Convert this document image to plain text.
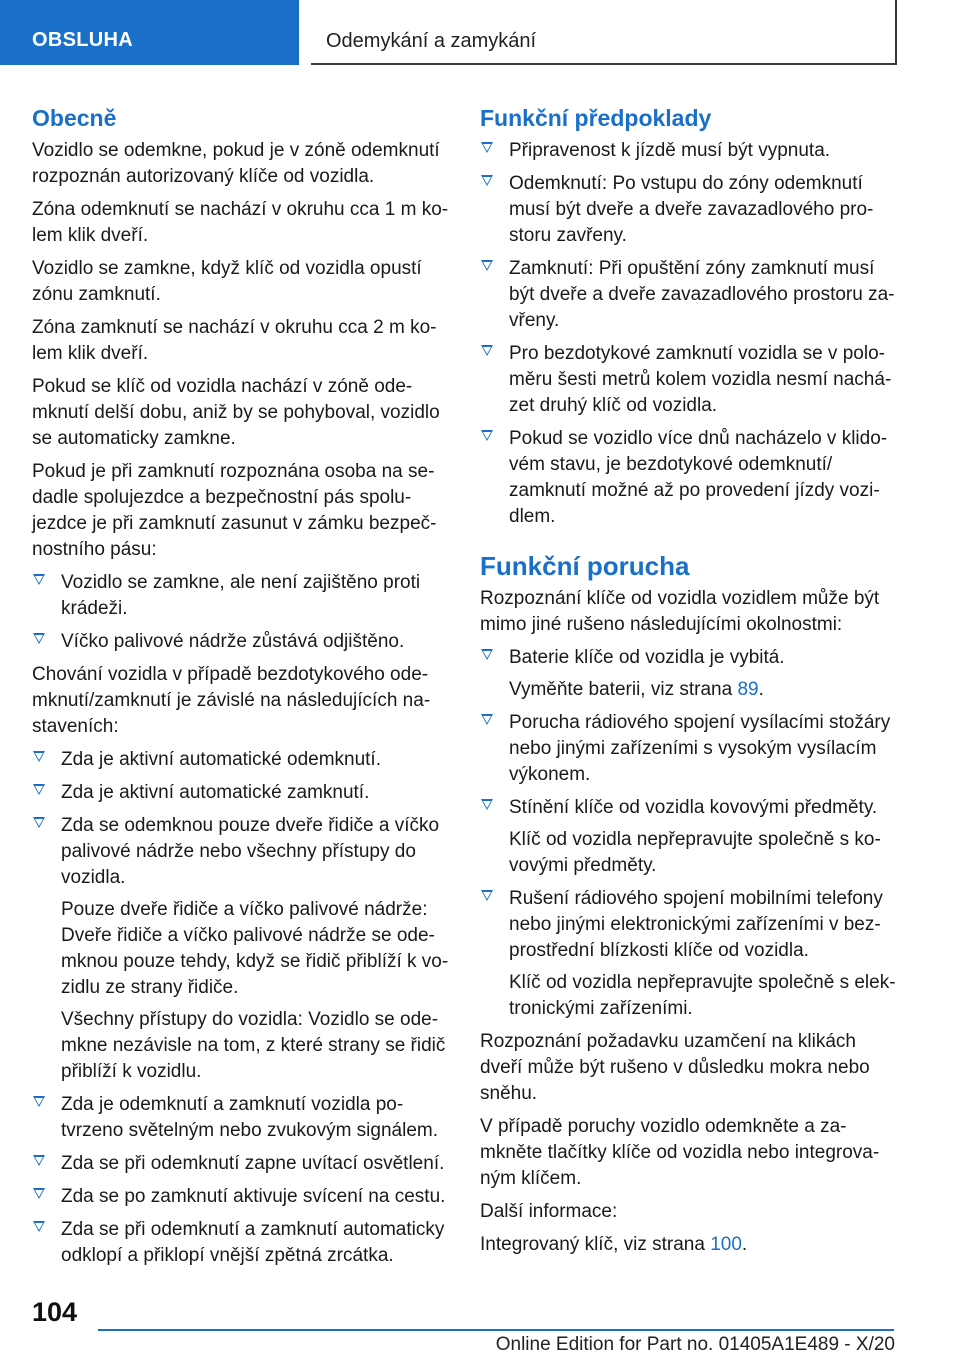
OBSLUHA	Odemykání a zamykání
Obecně

Vozidlo se odemkne, pokud je v zóně odemknutí rozpoznán autorizovaný klíče od vozidla.

Zóna odemknutí se nachází v okruhu cca 1 m kolem klik dveří.

Vozidlo se zamkne, když klíč od vozidla opustí zónu zamknutí.

Zóna zamknutí se nachází v okruhu cca 2 m kolem klik dveří.

Pokud se klíč od vozidla nachází v zóně odemknutí delší dobu, aniž by se pohyboval, vozidlo se automaticky zamkne.

Pokud je při zamknutí rozpoznána osoba na sedadle spolujezdce a bezpečnostní pás spolujezdce je při zamknutí zasunut v zámku bezpečnostního pásu:

Vozidlo se zamkne, ale není zajištěno proti krádeži.
Víčko palivové nádrže zůstává odjištěno.

Chování vozidla v případě bezdotykového odemknutí/zamknutí je závislé na následujících nastaveních:

Zda je aktivní automatické odemknutí.
Zda je aktivní automatické zamknutí.
Zda se odemknou pouze dveře řidiče a víčko palivové nádrže nebo všechny přístupy do vozidla.

Pouze dveře řidiče a víčko palivové nádrže: Dveře řidiče a víčko palivové nádrže se odemknou pouze tehdy, když se řidič přiblíží k vozidlu ze strany řidiče.

Všechny přístupy do vozidla: Vozidlo se odemkne nezávisle na tom, z které strany se řidič přiblíží k vozidlu.

Zda je odemknutí a zamknutí vozidla potvrzeno světelným nebo zvukovým signálem.
Zda se při odemknutí zapne uvítací osvětlení.
Zda se po zamknutí aktivuje svícení na cestu.
Zda se při odemknutí a zamknutí automaticky odklopí a přiklopí vnější zpětná zrcátka.
Funkční předpoklady
Připravenost k jízdě musí být vypnuta.
Odemknutí: Po vstupu do zóny odemknutí musí být dveře a dveře zavazadlového prostoru zavřeny.
Zamknutí: Při opuštění zóny zamknutí musí být dveře a dveře zavazadlového prostoru zavřeny.
Pro bezdotykové zamknutí vozidla se v poloměru šesti metrů kolem vozidla nesmí nacházet druhý klíč od vozidla.
Pokud se vozidlo více dnů nacházelo v klidovém stavu, je bezdotykové odemknutí/ zamknutí možné až po provedení jízdy vozidlem.
Funkční porucha

Rozpoznání klíče od vozidla vozidlem může být mimo jiné rušeno následujícími okolnostmi:

Baterie klíče od vozidla je vybitá.

Vyměňte baterii, viz strana 89.

Porucha rádiového spojení vysílacími stožáry nebo jinými zařízeními s vysokým vysílacím výkonem.
Stínění klíče od vozidla kovovými předměty.

Klíč od vozidla nepřepravujte společně s kovovými předměty.

Rušení rádiového spojení mobilními telefony nebo jinými elektronickými zařízeními v bezprostřední blízkosti klíče od vozidla.

Klíč od vozidla nepřepravujte společně s elektronickými zařízeními.

Rozpoznání požadavku uzamčení na klikách dveří může být rušeno v důsledku mokra nebo sněhu.

V případě poruchy vozidlo odemkněte a zamkněte tlačítky klíče od vozidla nebo integrovaným klíčem.

Další informace:

Integrovaný klíč, viz strana 100.

104
Online Edition for Part no. 01405A1E489 - X/20
